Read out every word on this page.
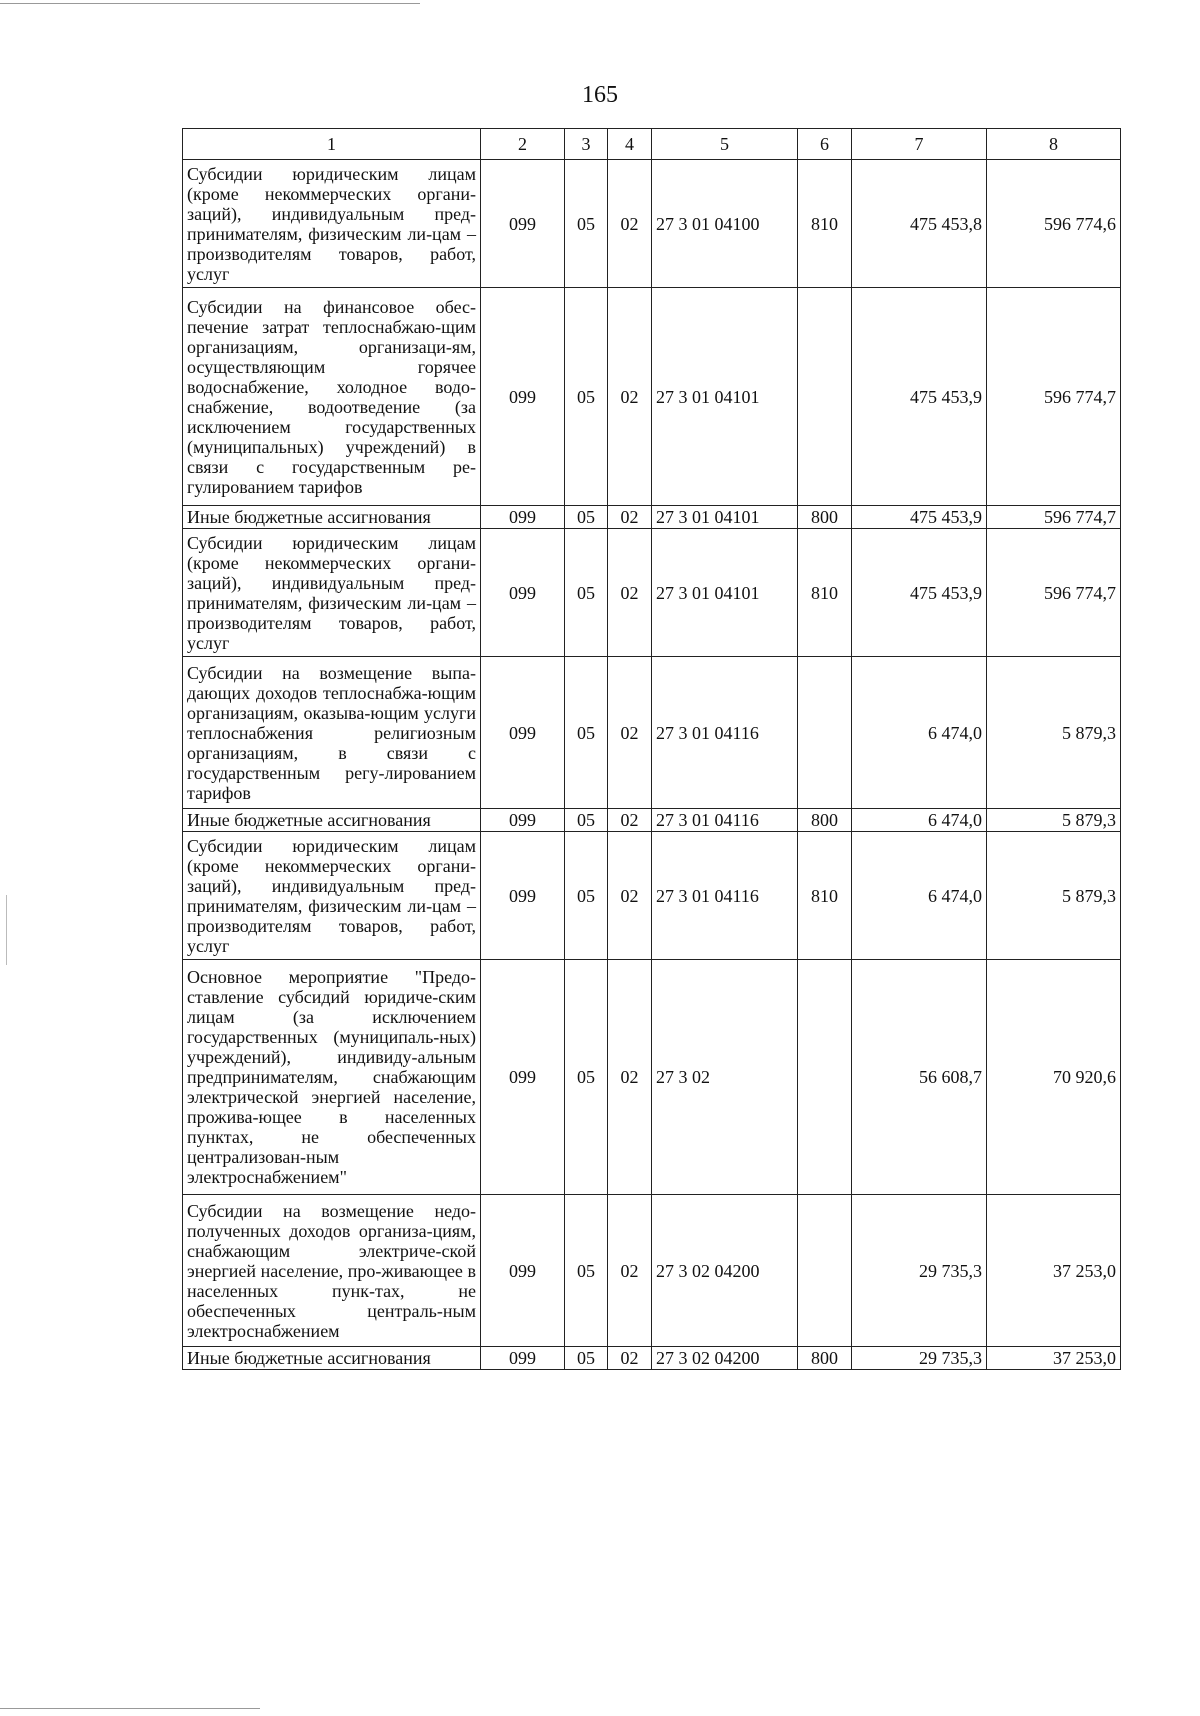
165
1	2	3	4	5	6	7	8
Субсидии юридическим лицам (кроме некоммерческих органи-заций), индивидуальным пред-принимателям, физическим ли-цам – производителям товаров, работ, услуг	099	05	02	27 3 01 04100	810	475 453,8	596 774,6
Субсидии на финансовое обес-печение затрат теплоснабжаю-щим организациям, организаци-ям, осуществляющим горячее водоснабжение, холодное водо-снабжение, водоотведение (за исключением государственных (муниципальных) учреждений) в связи с государственным ре-гулированием тарифов	099	05	02	27 3 01 04101		475 453,9	596 774,7
Иные бюджетные ассигнования	099	05	02	27 3 01 04101	800	475 453,9	596 774,7
Субсидии юридическим лицам (кроме некоммерческих органи-заций), индивидуальным пред-принимателям, физическим ли-цам – производителям товаров, работ, услуг	099	05	02	27 3 01 04101	810	475 453,9	596 774,7
Субсидии на возмещение выпа-дающих доходов теплоснабжа-ющим организациям, оказыва-ющим услуги теплоснабжения религиозным организациям, в связи с государственным регу-лированием тарифов	099	05	02	27 3 01 04116		6 474,0	5 879,3
Иные бюджетные ассигнования	099	05	02	27 3 01 04116	800	6 474,0	5 879,3
Субсидии юридическим лицам (кроме некоммерческих органи-заций), индивидуальным пред-принимателям, физическим ли-цам – производителям товаров, работ, услуг	099	05	02	27 3 01 04116	810	6 474,0	5 879,3
Основное мероприятие "Предо-ставление субсидий юридиче-ским лицам (за исключением государственных (муниципаль-ных) учреждений), индивиду-альным предпринимателям, снабжающим электрической энергией население, прожива-ющее в населенных пунктах, не обеспеченных централизован-ным электроснабжением"	099	05	02	27 3 02		56 608,7	70 920,6
Субсидии на возмещение недо-полученных доходов организа-циям, снабжающим электриче-ской энергией население, про-живающее в населенных пунк-тах, не обеспеченных централь-ным электроснабжением	099	05	02	27 3 02 04200		29 735,3	37 253,0
Иные бюджетные ассигнования	099	05	02	27 3 02 04200	800	29 735,3	37 253,0
